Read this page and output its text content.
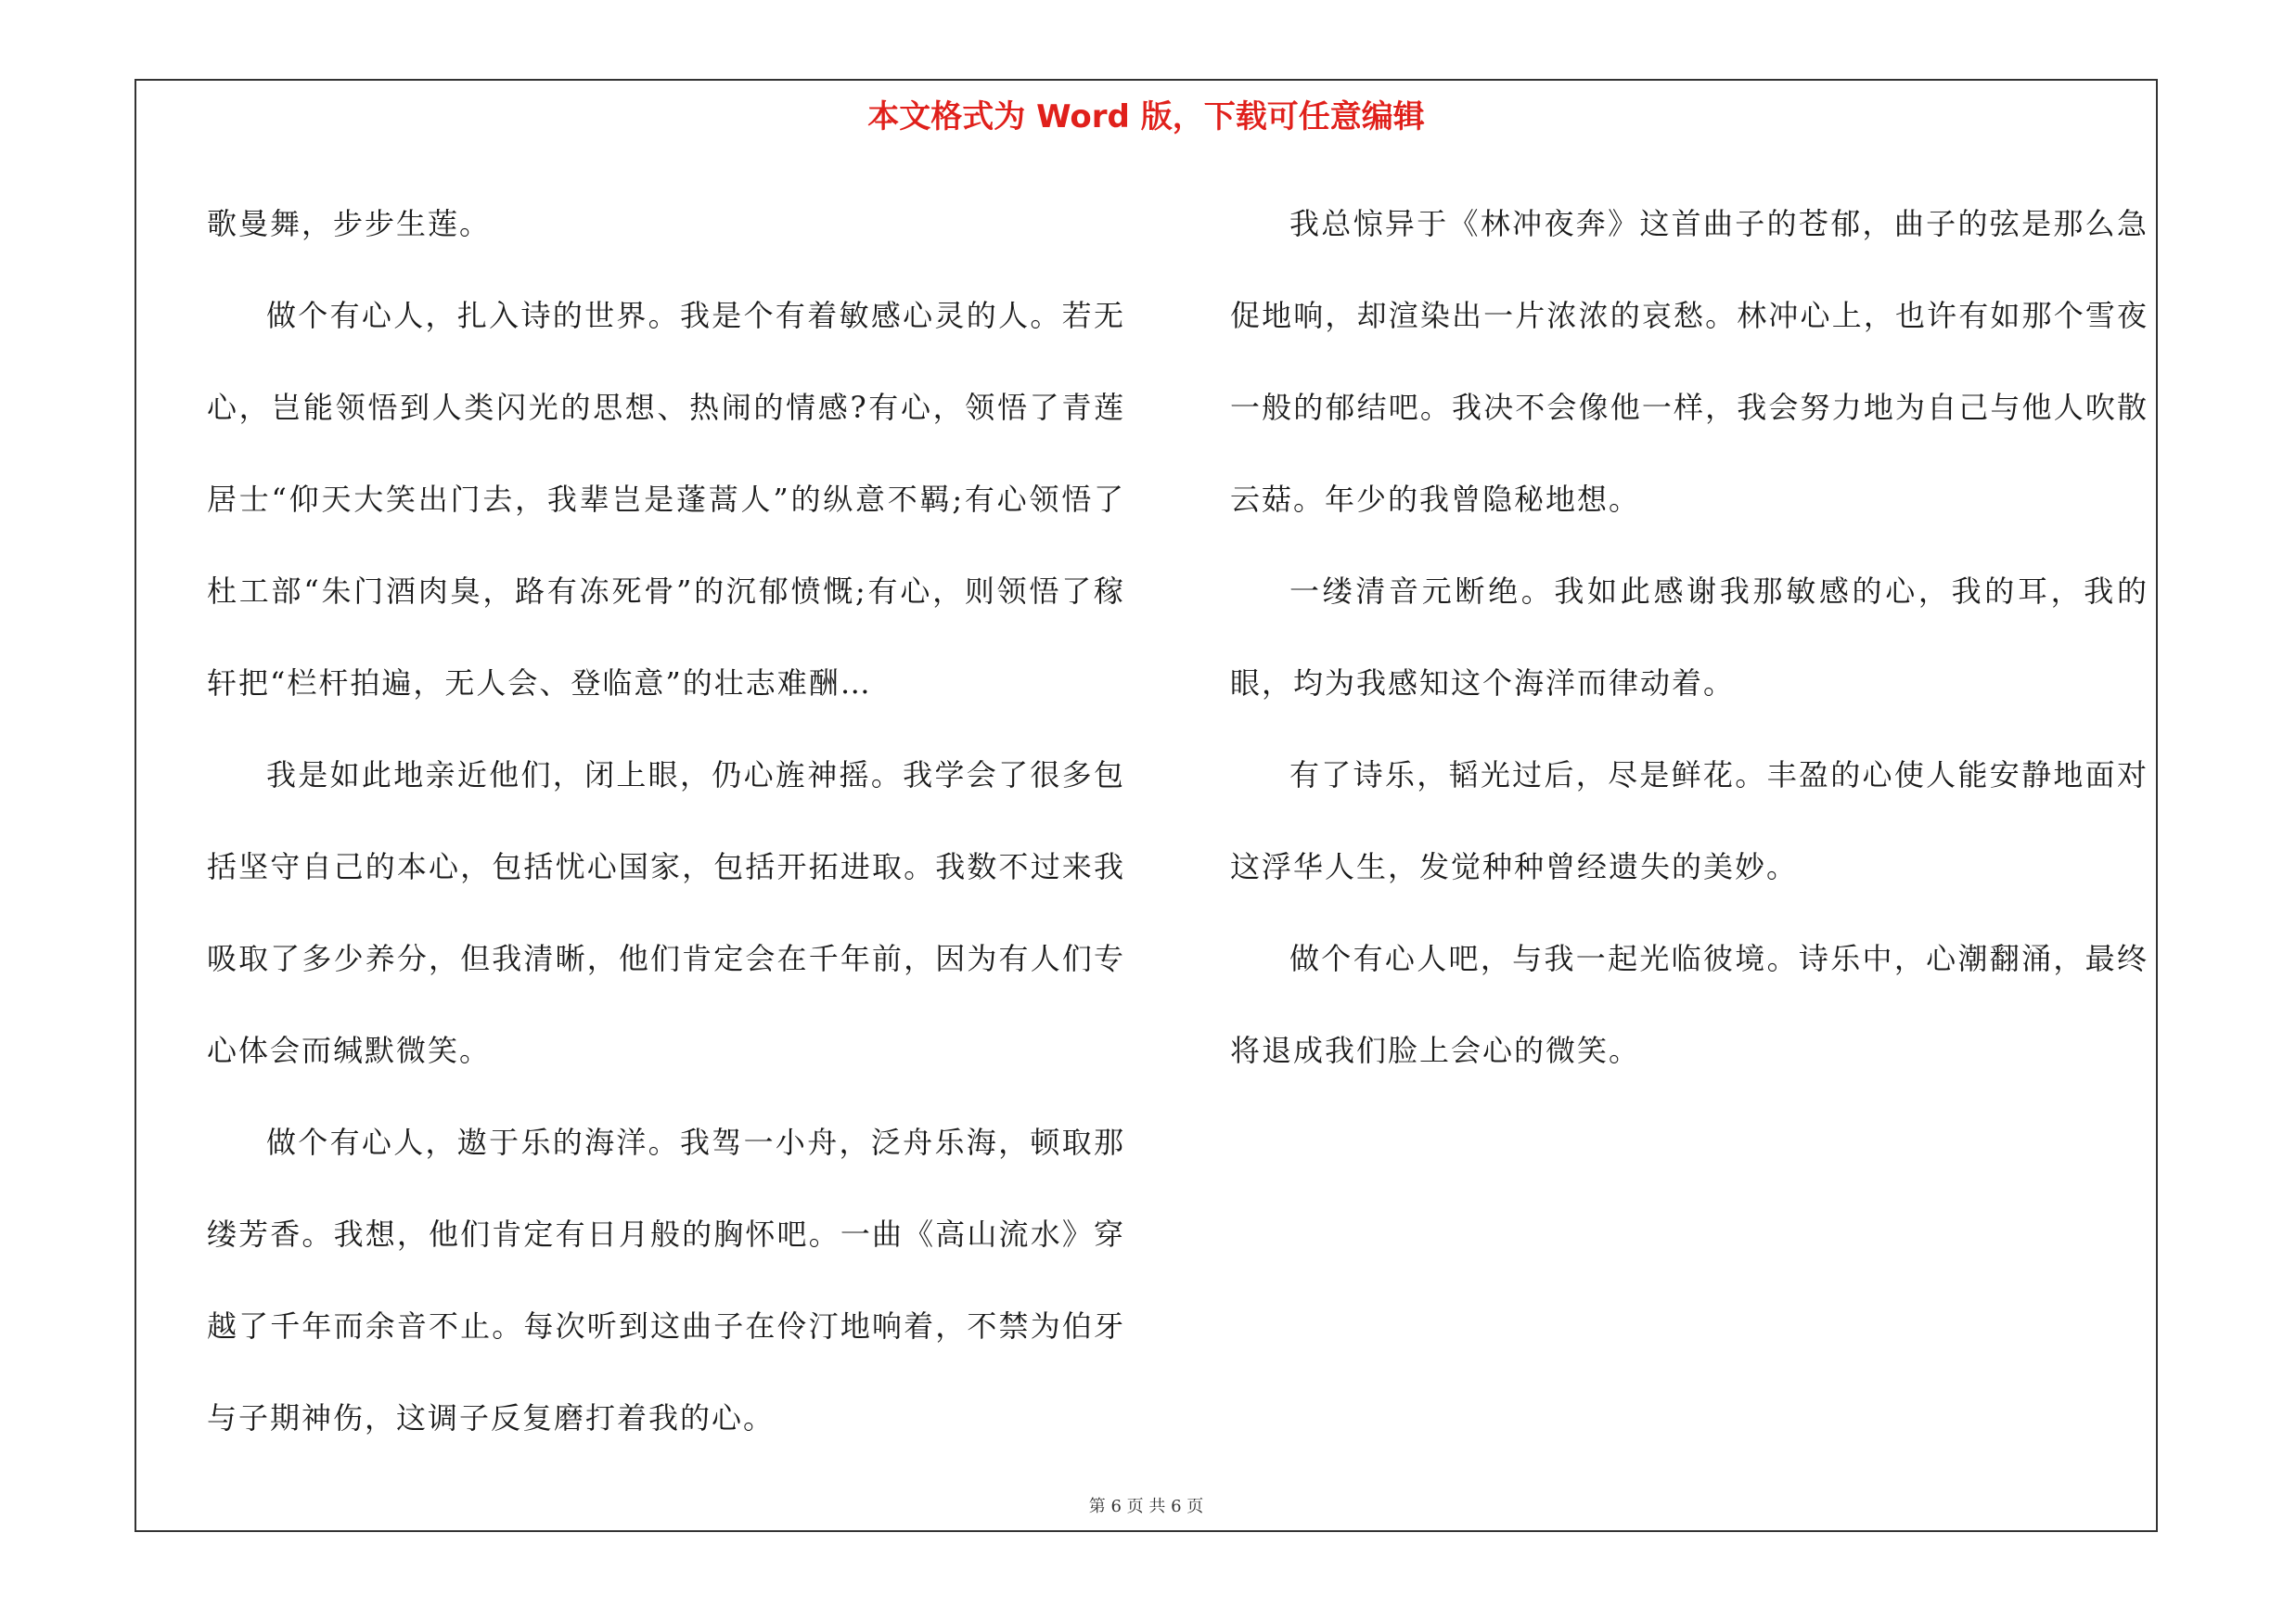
本文格式为 Word 版，下载可任意编辑

歌曼舞，步步生莲。

做个有心人，扎入诗的世界。我是个有着敏感心灵的人。若无心，岂能领悟到人类闪光的思想、热闹的情感?有心，领悟了青莲居士“仰天大笑出门去，我辈岂是蓬蒿人”的纵意不羁;有心领悟了杜工部“朱门酒肉臭，路有冻死骨”的沉郁愤慨;有心，则领悟了稼轩把“栏杆拍遍，无人会、登临意”的壮志难酬…

我是如此地亲近他们，闭上眼，仍心旌神摇。我学会了很多包括坚守自己的本心，包括忧心国家，包括开拓进取。我数不过来我吸取了多少养分，但我清晰，他们肯定会在千年前，因为有人们专心体会而缄默微笑。

做个有心人，遨于乐的海洋。我驾一小舟，泛舟乐海，顿取那缕芳香。我想，他们肯定有日月般的胸怀吧。一曲《高山流水》穿越了千年而余音不止。每次听到这曲子在伶汀地响着，不禁为伯牙与子期神伤，这调子反复磨打着我的心。

我总惊异于《林冲夜奔》这首曲子的苍郁，曲子的弦是那么急促地响，却渲染出一片浓浓的哀愁。林冲心上，也许有如那个雪夜一般的郁结吧。我决不会像他一样，我会努力地为自己与他人吹散云菇。年少的我曾隐秘地想。

一缕清音元断绝。我如此感谢我那敏感的心，我的耳，我的眼，均为我感知这个海洋而律动着。

有了诗乐，韬光过后，尽是鲜花。丰盈的心使人能安静地面对这浮华人生，发觉种种曾经遗失的美妙。

做个有心人吧，与我一起光临彼境。诗乐中，心潮翻涌，最终将退成我们脸上会心的微笑。

第 6 页 共 6 页
